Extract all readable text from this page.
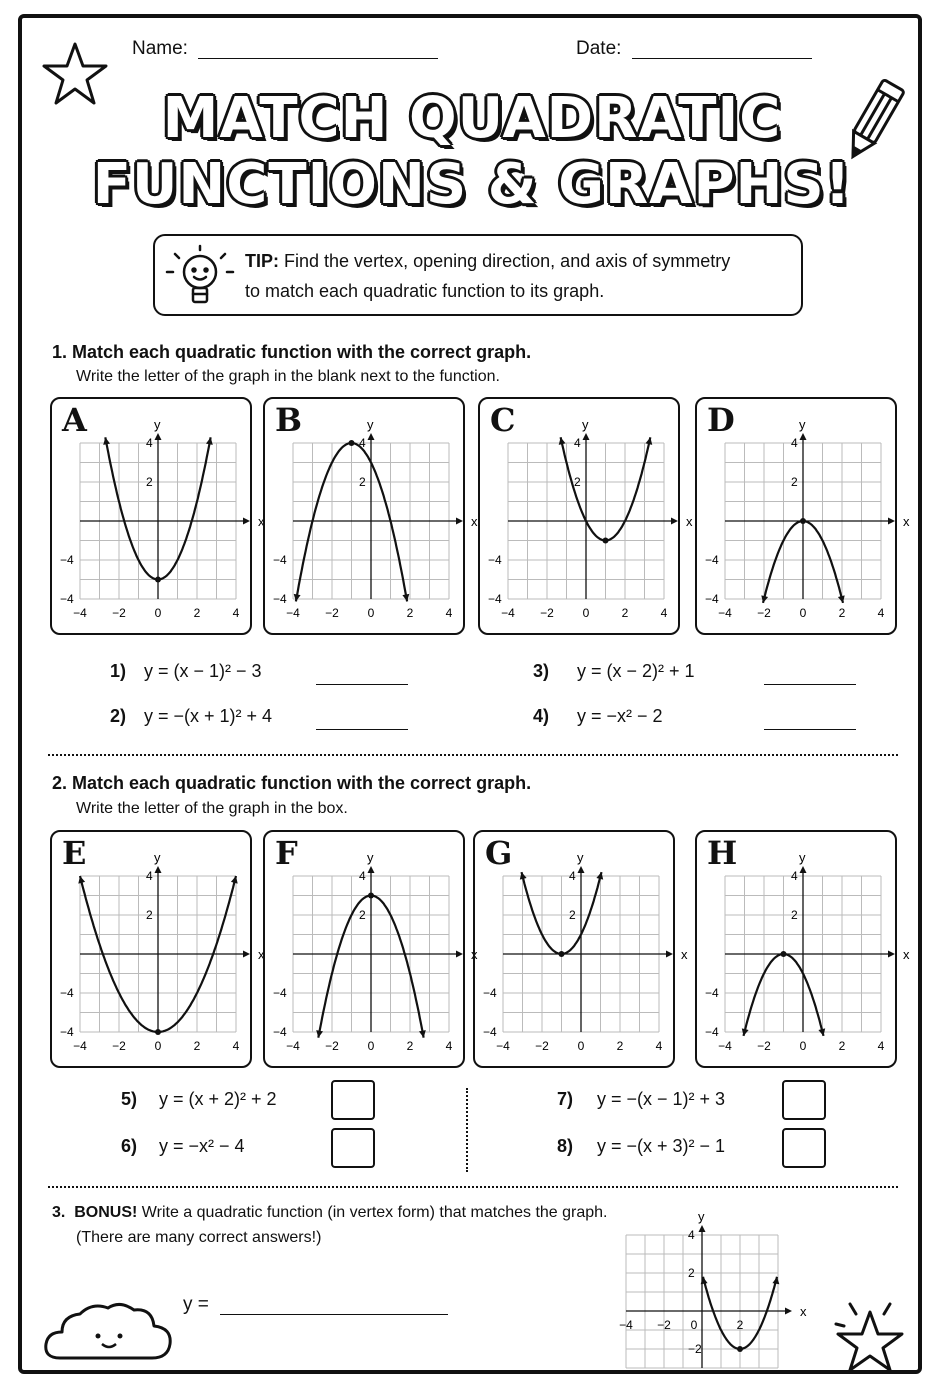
Name:	Date:
MATCH QUADRATIC
FUNCTIONS & GRAPHS!
TIP: Find the vertex, opening direction, and axis of symmetry
to match each quadratic function to its graph.
1. Match each quadratic function with the correct graph.
Write the letter of the graph in the blank next to the function.
A
x
y
−4 −2 0	2	4
4
2
−4
−4
B
x
y
−4 −2 0	2	4
4
2
−4
−4
C
x
y
−4 −2 0	2	4
4
2
−4
−4
D
x
y
−4 −2 0	2	4
4
2
−4
−4
1) y = (x − 1)² − 3
2) y = −(x + 1)² + 4
3) y = (x − 2)² + 1
4) y = −x² − 2
2. Match each quadratic function with the correct graph.
Write the letter of the graph in the box.
E
x
y
−4 −2 0	2	4
4
2
−4
−4
F
x
y
−4 −2 0	2	4
4
2
−4
−4
G
x
y
−4 −2 0	2	4
4
2
−4
−4
H
x
y
−4 −2 0	2	4
4
2
−4
−4
5) y = (x + 2)² + 2
6) y = −x² − 4
7) y = −(x − 1)² + 3
8) y = −(x + 3)² − 1
3. BONUS! Write a quadratic function (in vertex form) that matches the graph.
(There are many correct answers!)
y =	x
y
−4 −2 0	2
4
2
−2
